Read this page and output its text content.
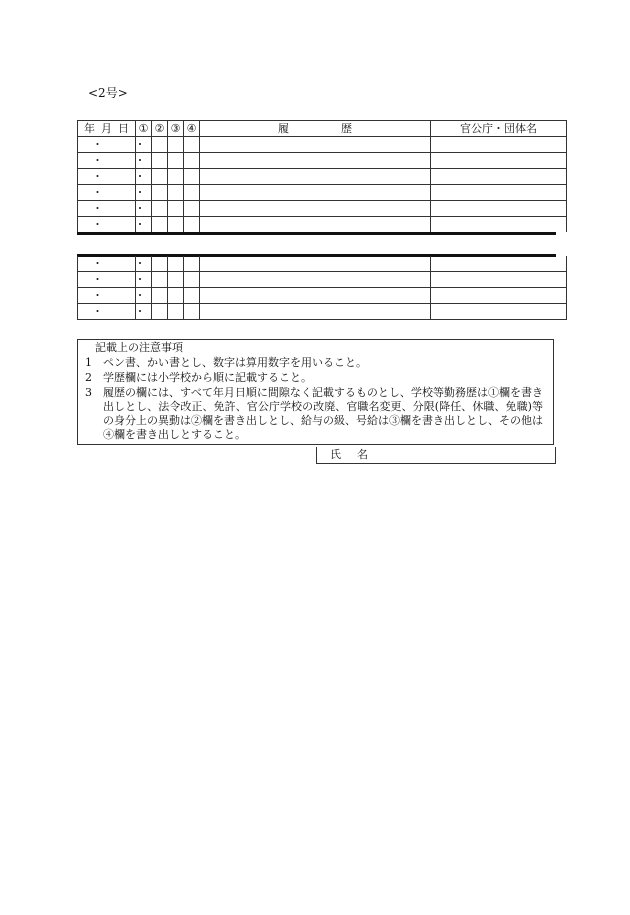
<2号>
年 月 日	①	②	③	④	履 歴	官公庁・団体名
・ ・						
・ ・						
・ ・						
・ ・						
・ ・						
・ ・						
・ ・						
・ ・						
・ ・						
・ ・						
記載上の注意事項
1	ペン書、かい書とし、数字は算用数字を用いること。
2	学歴欄には小学校から順に記載すること。
3	履歴の欄には、すべて年月日順に間隙なく記載するものとし、学校等勤務歴は①欄を書き出しとし、法令改正、免許、官公庁学校の改廃、官職名変更、分限(降任、休職、免職)等の身分上の異動は②欄を書き出しとし、給与の級、号給は③欄を書き出しとし、その他は④欄を書き出しとすること。
氏 名
